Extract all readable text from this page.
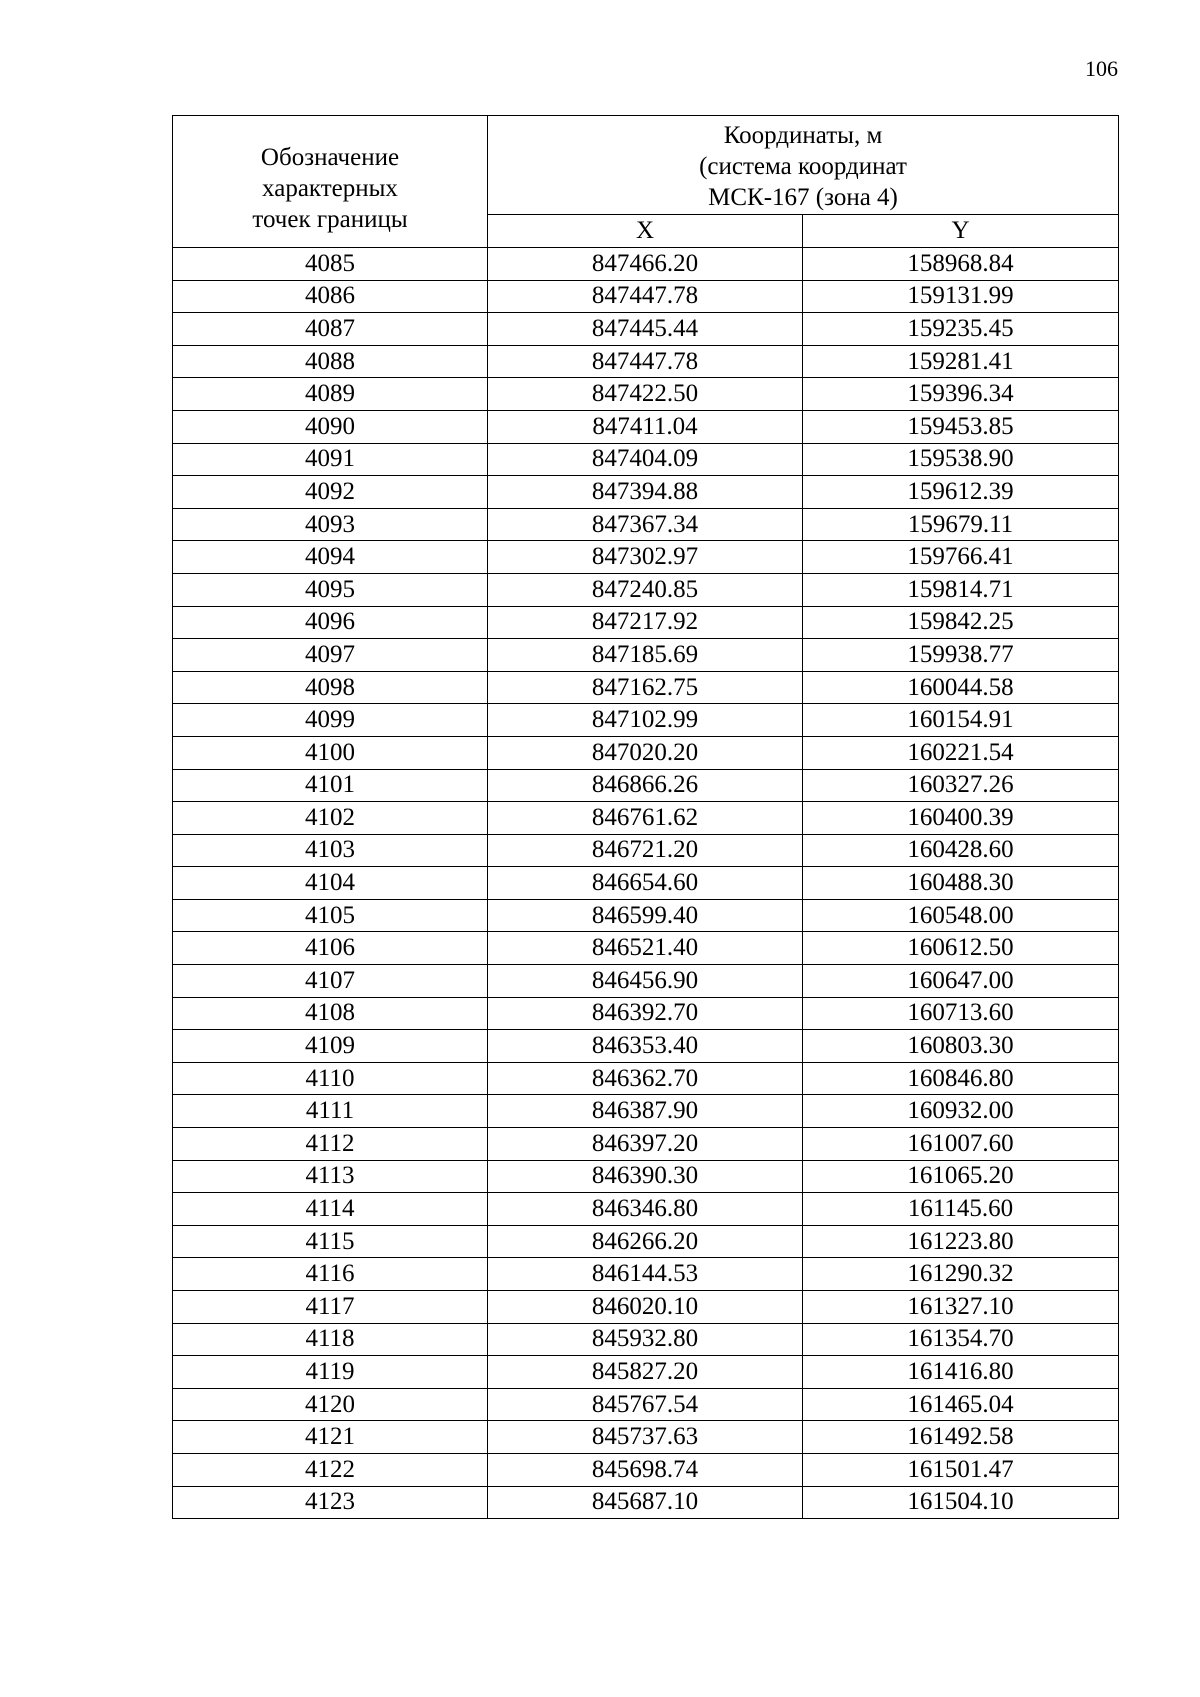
106
Обозначение
характерных
точек границы	Координаты, м
(система координат
МСК-167 (зона 4)	

	X	Y
4085	847466.20	158968.84
4086	847447.78	159131.99
4087	847445.44	159235.45
4088	847447.78	159281.41
4089	847422.50	159396.34
4090	847411.04	159453.85
4091	847404.09	159538.90
4092	847394.88	159612.39
4093	847367.34	159679.11
4094	847302.97	159766.41
4095	847240.85	159814.71
4096	847217.92	159842.25
4097	847185.69	159938.77
4098	847162.75	160044.58
4099	847102.99	160154.91
4100	847020.20	160221.54
4101	846866.26	160327.26
4102	846761.62	160400.39
4103	846721.20	160428.60
4104	846654.60	160488.30
4105	846599.40	160548.00
4106	846521.40	160612.50
4107	846456.90	160647.00
4108	846392.70	160713.60
4109	846353.40	160803.30
4110	846362.70	160846.80
4111	846387.90	160932.00
4112	846397.20	161007.60
4113	846390.30	161065.20
4114	846346.80	161145.60
4115	846266.20	161223.80
4116	846144.53	161290.32
4117	846020.10	161327.10
4118	845932.80	161354.70
4119	845827.20	161416.80
4120	845767.54	161465.04
4121	845737.63	161492.58
4122	845698.74	161501.47
4123	845687.10	161504.10
